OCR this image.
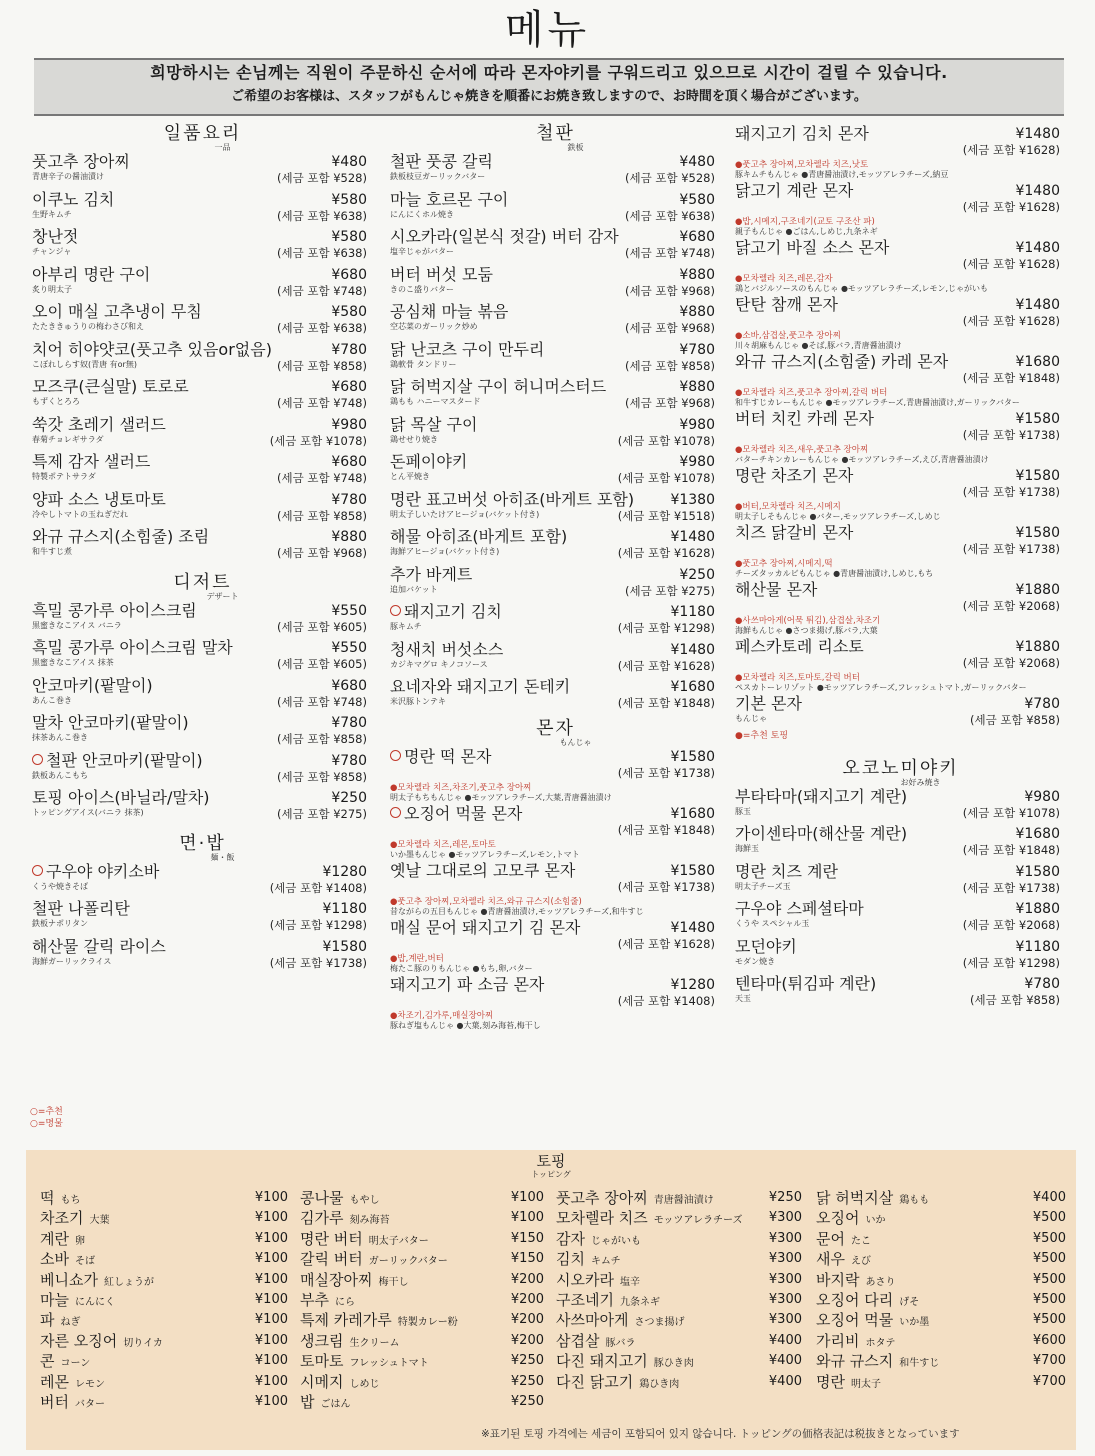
메뉴
희망하시는 손님께는 직원이 주문하신 순서에 따라 몬자야키를 구워드리고 있으므로 시간이 걸릴 수 있습니다.
ご希望のお客様は、スタッフがもんじゃ焼きを順番にお焼き致しますので、お時間を頂く場合がございます。
일품요리
一品
풋고추 장아찌
青唐辛子の醤油漬け
¥480
(세금 포함 ¥528)
이쿠노 김치
生野キムチ
¥580
(세금 포함 ¥638)
창난젓
チャンジャ
¥580
(세금 포함 ¥638)
아부리 명란 구이
炙り明太子
¥680
(세금 포함 ¥748)
오이 매실 고추냉이 무침
たたききゅうりの梅わさび和え
¥580
(세금 포함 ¥638)
치어 히야얏코(풋고추 있음or없음)
こぼれしらす奴(青唐 有or無)
¥780
(세금 포함 ¥858)
모즈쿠(큰실말) 토로로
もずくとろろ
¥680
(세금 포함 ¥748)
쑥갓 초레기 샐러드
春菊チョレギサラダ
¥980
(세금 포함 ¥1078)
특제 감자 샐러드
特製ポテトサラダ
¥680
(세금 포함 ¥748)
양파 소스 냉토마토
冷やしトマトの玉ねぎだれ
¥780
(세금 포함 ¥858)
와규 규스지(소힘줄) 조림
和牛すじ煮
¥880
(세금 포함 ¥968)
디저트
デザート
흑밀 콩가루 아이스크림
黒蜜きなこアイス バニラ
¥550
(세금 포함 ¥605)
흑밀 콩가루 아이스크림 말차
黒蜜きなこアイス 抹茶
¥550
(세금 포함 ¥605)
안코마키(팥말이)
あんこ巻き
¥680
(세금 포함 ¥748)
말차 안코마키(팥말이)
抹茶あんこ巻き
¥780
(세금 포함 ¥858)
철판 안코마키(팥말이)
鉄板あんこもち
¥780
(세금 포함 ¥858)
토핑 아이스(바닐라/말차)
トッピングアイス(バニラ 抹茶)
¥250
(세금 포함 ¥275)
면·밥
麺・飯
구우야 야키소바
くうや焼きそば
¥1280
(세금 포함 ¥1408)
철판 나폴리탄
鉄板ナポリタン
¥1180
(세금 포함 ¥1298)
해산물 갈릭 라이스
海鮮ガーリックライス
¥1580
(세금 포함 ¥1738)
○=추천
○=명물
철판
鉄板
철판 풋콩 갈릭
鉄板枝豆ガーリックバター
¥480
(세금 포함 ¥528)
마늘 호르몬 구이
にんにくホル焼き
¥580
(세금 포함 ¥638)
시오카라(일본식 젓갈) 버터 감자
塩辛じゃがバター
¥680
(세금 포함 ¥748)
버터 버섯 모둠
きのこ盛りバター
¥880
(세금 포함 ¥968)
공심채 마늘 볶음
空芯菜のガーリック炒め
¥880
(세금 포함 ¥968)
닭 난코츠 구이 만두리
鶏軟骨 タンドリー
¥780
(세금 포함 ¥858)
닭 허벅지살 구이 허니머스터드
鶏もも ハニーマスタード
¥880
(세금 포함 ¥968)
닭 목살 구이
鶏せせり焼き
¥980
(세금 포함 ¥1078)
돈페이야키
とん平焼き
¥980
(세금 포함 ¥1078)
명란 표고버섯 아히죠(바게트 포함)
明太子しいたけアヒージョ(バケット付き)
¥1380
(세금 포함 ¥1518)
해물 아히죠(바게트 포함)
海鮮アヒージョ(バケット付き)
¥1480
(세금 포함 ¥1628)
추가 바게트
追加バケット
¥250
(세금 포함 ¥275)
돼지고기 김치
豚キムチ
¥1180
(세금 포함 ¥1298)
청새치 버섯소스
カジキマグロ キノコソース
¥1480
(세금 포함 ¥1628)
요네자와 돼지고기 돈테키
米沢豚トンテキ
¥1680
(세금 포함 ¥1848)
몬자
もんじゃ
명란 떡 몬자	¥1580
(세금 포함 ¥1738)
●모차렐라 치즈,차조기,풋고추 장아찌
明太子もちもんじゃ ●モッツアレラチーズ,大葉,青唐醤油漬け
오징어 먹물 몬자	¥1680
(세금 포함 ¥1848)
●모차렐라 치즈,레몬,토마토
いか墨もんじゃ ●モッツアレラチーズ,レモン,トマト
옛날 그대로의 고모쿠 몬자	¥1580
(세금 포함 ¥1738)
●풋고추 장아찌,모차렐라 치즈,와규 규스지(소힘줄)
昔ながらの五目もんじゃ ●青唐醤油漬け,モッツアレラチーズ,和牛すじ
매실 문어 돼지고기 김 몬자	¥1480
(세금 포함 ¥1628)
●밥,계란,버터
梅たこ豚のりもんじゃ ●もち,卵,バター
돼지고기 파 소금 몬자	¥1280
(세금 포함 ¥1408)
●차조기,김가루,매실장아찌
豚ねぎ塩もんじゃ ●大葉,刻み海苔,梅干し
돼지고기 김치 몬자	¥1480
(세금 포함 ¥1628)
●풋고추 장아찌,모차렐라 치즈,낫토
豚キムチもんじゃ ●青唐醤油漬け,モッツアレラチーズ,納豆
닭고기 계란 몬자	¥1480
(세금 포함 ¥1628)
●밥,시메지,구조네기(교토 구조산 파)
親子もんじゃ ●ごはん,しめじ,九条ネギ
닭고기 바질 소스 몬자	¥1480
(세금 포함 ¥1628)
●모차렐라 치즈,레몬,감자
鶏とバジルソースのもんじゃ ●モッツアレラチーズ,レモン,じゃがいも
탄탄 참깨 몬자	¥1480
(세금 포함 ¥1628)
●소바,삼겹살,풋고추 장아찌
川々胡麻もんじゃ ●そば,豚バラ,青唐醤油漬け
와규 규스지(소힘줄) 카레 몬자	¥1680
(세금 포함 ¥1848)
●모차렐라 치즈,풋고추 장아찌,갈릭 버터
和牛すじカレーもんじゃ ●モッツアレラチーズ,青唐醤油漬け,ガーリックバター
버터 치킨 카레 몬자	¥1580
(세금 포함 ¥1738)
●모차렐라 치즈,새우,풋고추 장아찌
バターチキンカレーもんじゃ ●モッツアレラチーズ,えび,青唐醤油漬け
명란 차조기 몬자	¥1580
(세금 포함 ¥1738)
●버터,모차렐라 치즈,시메지
明太子しそもんじゃ ●バター,モッツアレラチーズ,しめじ
치즈 닭갈비 몬자	¥1580
(세금 포함 ¥1738)
●풋고추 장아찌,시메지,떡
チーズタッカルビもんじゃ ●青唐醤油漬け,しめじ,もち
해산물 몬자	¥1880
(세금 포함 ¥2068)
●사쓰마아게(어묵 튀김),삼겹살,차조기
海鮮もんじゃ ●さつま揚げ,豚バラ,大葉
페스카토레 리소토	¥1880
(세금 포함 ¥2068)
●모차렐라 치즈,토마토,갈릭 버터
ペスカトーレリゾット ●モッツアレラチーズ,フレッシュトマト,ガーリックバター
기본 몬자
もんじゃ
¥780
(세금 포함 ¥858)
●=추천 토핑
오코노미야키
お好み焼き
부타타마(돼지고기 계란)
豚玉
¥980
(세금 포함 ¥1078)
가이센타마(해산물 계란)
海鮮玉
¥1680
(세금 포함 ¥1848)
명란 치즈 계란
明太子チーズ玉
¥1580
(세금 포함 ¥1738)
구우야 스페셜타마
くうや スペシャル玉
¥1880
(세금 포함 ¥2068)
모던야키
モダン焼き
¥1180
(세금 포함 ¥1298)
텐타마(튀김파 계란)
天玉
¥780
(세금 포함 ¥858)
토핑
トッピング
떡もち	¥100
차조기 大葉	¥100
계란 卵	¥100
소바 そば	¥100
베니쇼가 紅しょうが	¥100
마늘 にんにく	¥100
파ねぎ	¥100
자른 오징어 切りイカ	¥100
콘コーン	¥100
레몬 レモン	¥100
버터 バター	¥100
콩나물 もやし	¥100
김가루 刻み海苔	¥100
명란 버터 明太子バター	¥150
갈릭 버터 ガーリックバター	¥150
매실장아찌 梅干し	¥200
부추 にら	¥200
특제 카레가루 特製カレー粉	¥200
생크림 生クリーム	¥200
토마토 フレッシュトマト	¥250
시메지 しめじ	¥250
밥ごはん	¥250
풋고추 장아찌 青唐醤油漬け	¥250
모차렐라 치즈 モッツアレラチーズ ¥300
감자 じゃがいも	¥300
김치 キムチ	¥300
시오카라 塩辛	¥300
구조네기 九条ネギ	¥300
사쓰마아게 さつま揚げ	¥300
삼겹살 豚バラ	¥400
다진 돼지고기 豚ひき肉	¥400
다진 닭고기 鶏ひき肉	¥400
닭 허벅지살 鶏もも	¥400
오징어 いか	¥500
문어 たこ	¥500
새우 えび	¥500
바지락 あさり	¥500
오징어 다리 げそ	¥500
오징어 먹물 いか墨	¥500
가리비 ホタテ	¥600
와규 규스지 和牛すじ	¥700
명란 明太子	¥700
※표기된 토핑 가격에는 세금이 포함되어 있지 않습니다. トッピングの価格表記は税抜きとなっています
